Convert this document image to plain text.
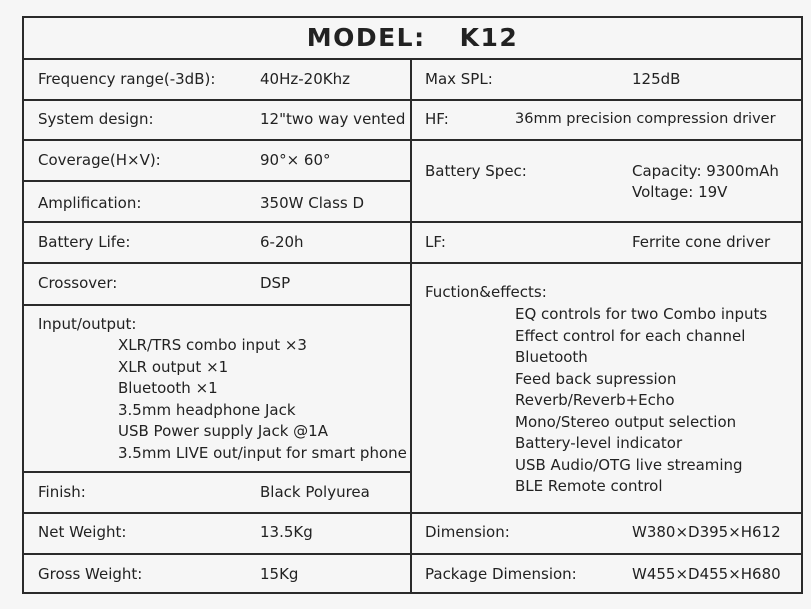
MODEL: K12
Frequency range(-3dB):	40Hz-20Khz
System design:	12"two way vented
Coverage(H×V):	90°× 60°
Amplification:	350W Class D
Battery Life:	6-20h
Crossover:	DSP
Input/output:
XLR/TRS combo input ×3
XLR output ×1
Bluetooth ×1
3.5mm headphone Jack
USB Power supply Jack @1A
3.5mm LIVE out/input for smart phone
Finish:	Black Polyurea
Net Weight:	13.5Kg
Gross Weight:	15Kg
Max SPL:	125dB
HF:	36mm precision compression driver
Battery Spec:	Capacity: 9300mAh
Voltage: 19V
LF:	Ferrite cone driver
Fuction&effects:
EQ controls for two Combo inputs
Effect control for each channel
Bluetooth
Feed back supression
Reverb/Reverb+Echo
Mono/Stereo output selection
Battery-level indicator
USB Audio/OTG live streaming
BLE Remote control
Dimension:	W380×D395×H612
Package Dimension:	W455×D455×H680
